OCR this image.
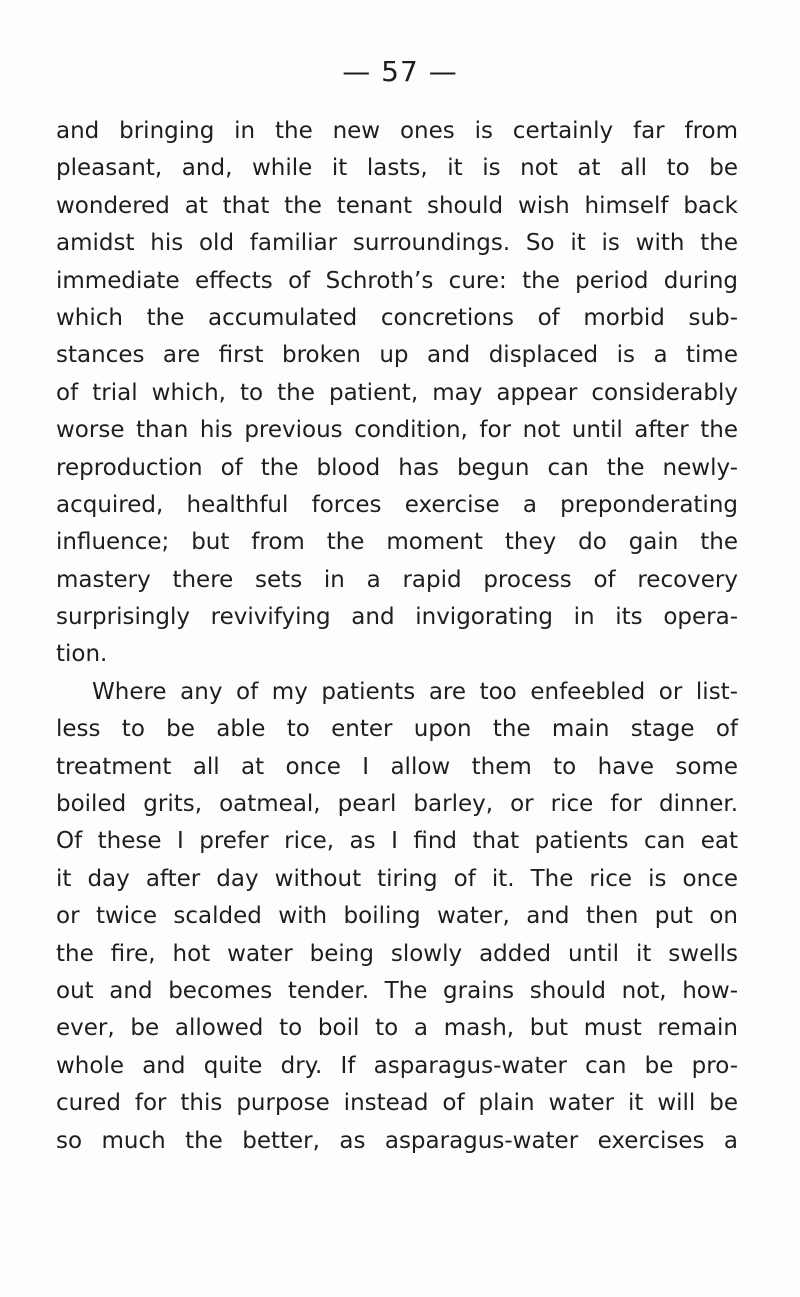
— 57 —
and bringing in the new ones is certainly far from
pleasant, and, while it lasts, it is not at all to be
wondered at that the tenant should wish himself back
amidst his old familiar surroundings. So it is with the
immediate effects of Schroth’s cure: the period during
which the accumulated concretions of morbid sub-
stances are first broken up and displaced is a time
of trial which, to the patient, may appear considerably
worse than his previous condition, for not until after the
reproduction of the blood has begun can the newly-
acquired, healthful forces exercise a preponderating
influence; but from the moment they do gain the
mastery there sets in a rapid process of recovery
surprisingly revivifying and invigorating in its opera-
tion.
Where any of my patients are too enfeebled or list-
less to be able to enter upon the main stage of
treatment all at once I allow them to have some
boiled grits, oatmeal, pearl barley, or rice for dinner.
Of these I prefer rice, as I find that patients can eat
it day after day without tiring of it. The rice is once
or twice scalded with boiling water, and then put on
the fire, hot water being slowly added until it swells
out and becomes tender. The grains should not, how-
ever, be allowed to boil to a mash, but must remain
whole and quite dry. If asparagus-water can be pro-
cured for this purpose instead of plain water it will be
so much the better, as asparagus-water exercises a
